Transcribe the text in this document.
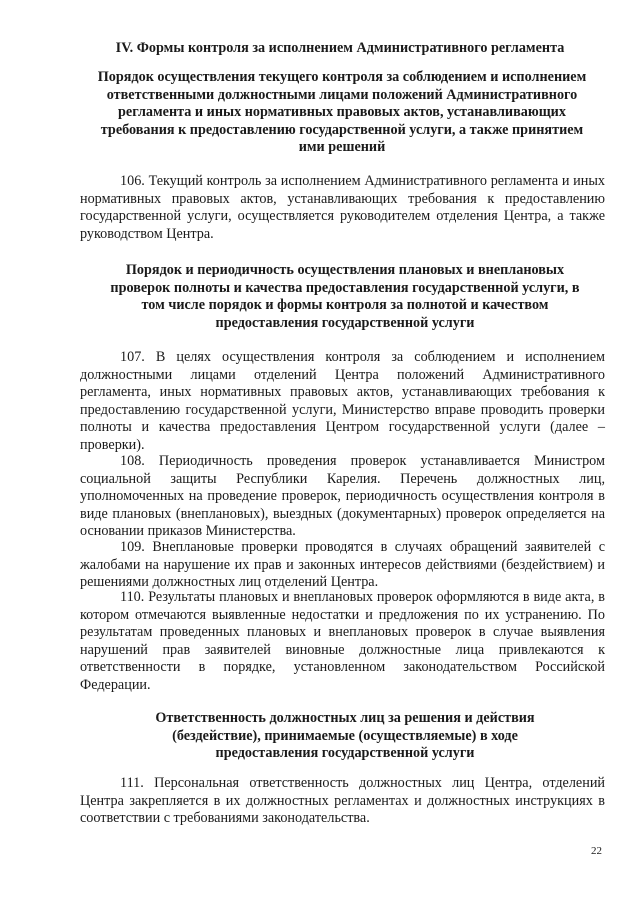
IV. Формы контроля за исполнением Административного регламента

Порядок осуществления текущего контроля за соблюдением и исполнением ответственными должностными лицами положений Административного регламента и иных нормативных правовых актов, устанавливающих требования к предоставлению государственной услуги, а также принятием ими решений

106. Текущий контроль за исполнением Административного регламента и иных нормативных правовых актов, устанавливающих требования к предоставлению государственной услуги, осуществляется руководителем отделения Центра, а также руководством Центра.

Порядок и периодичность осуществления плановых и внеплановых проверок полноты и качества предоставления государственной услуги, в том числе порядок и формы контроля за полнотой и качеством предоставления государственной услуги

107. В целях осуществления контроля за соблюдением и исполнением должностными лицами отделений Центра положений Административного регламента, иных нормативных правовых актов, устанавливающих требования к предоставлению государственной услуги, Министерство вправе проводить проверки полноты и качества предоставления Центром государственной услуги (далее – проверки).

108. Периодичность проведения проверок устанавливается Министром социальной защиты Республики Карелия. Перечень должностных лиц, уполномоченных на проведение проверок, периодичность осуществления контроля в виде плановых (внеплановых), выездных (документарных) проверок определяется на основании приказов Министерства.

109. Внеплановые проверки проводятся в случаях обращений заявителей с жалобами на нарушение их прав и законных интересов действиями (бездействием) и решениями должностных лиц отделений Центра.

110. Результаты плановых и внеплановых проверок оформляются в виде акта, в котором отмечаются выявленные недостатки и предложения по их устранению. По результатам проведенных плановых и внеплановых проверок в случае выявления нарушений прав заявителей виновные должностные лица привлекаются к ответственности в порядке, установленном законодательством Российской Федерации.

Ответственность должностных лиц за решения и действия (бездействие), принимаемые (осуществляемые) в ходе предоставления государственной услуги

111. Персональная ответственность должностных лиц Центра, отделений Центра закрепляется в их должностных регламентах и должностных инструкциях в соответствии с требованиями законодательства.

22
